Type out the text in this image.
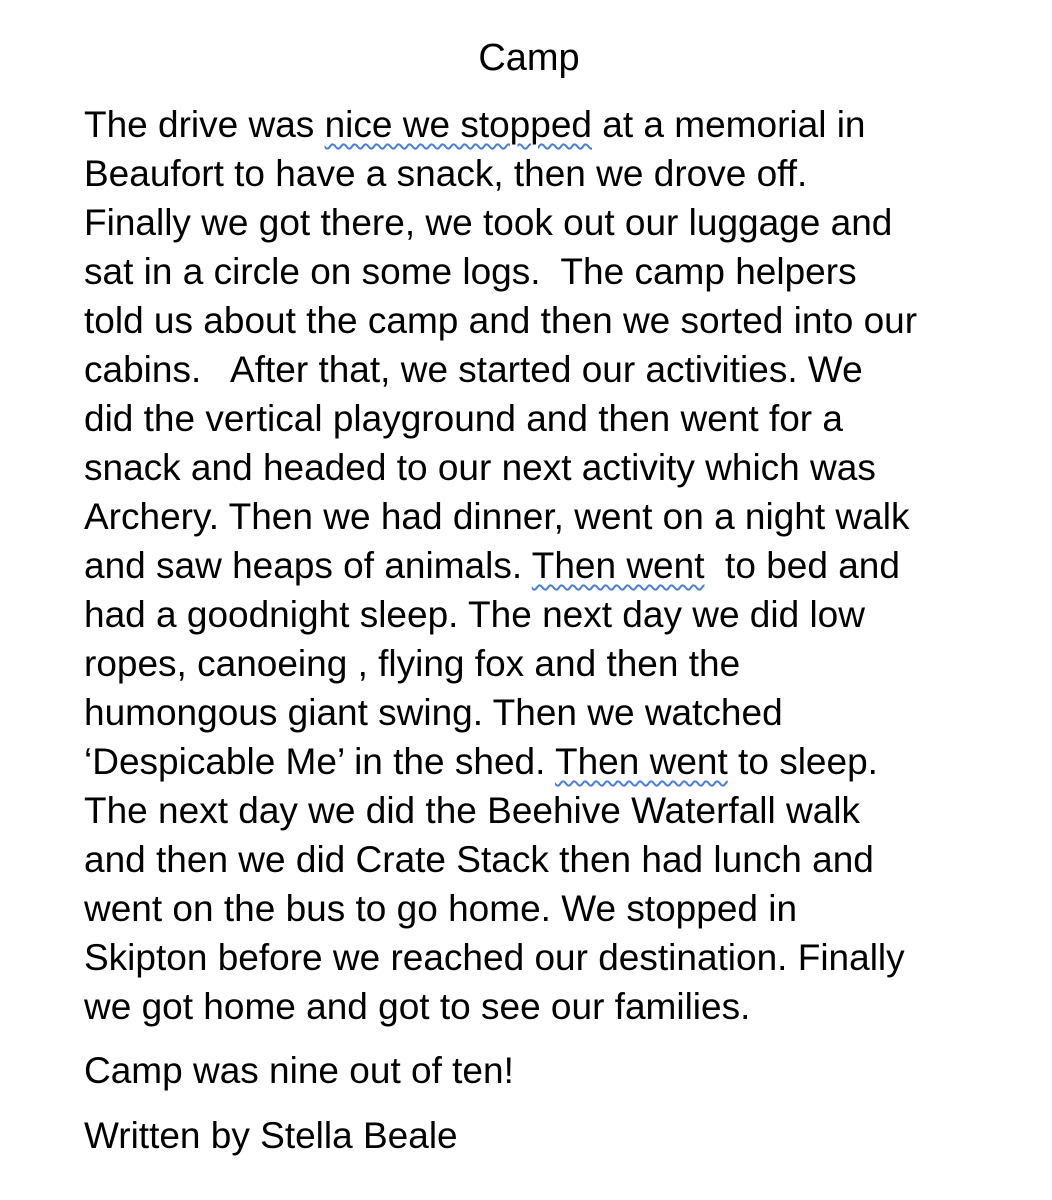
Camp
The drive was nice we stopped at a memorial in
Beaufort to have a snack, then we drove off.
Finally we got there, we took out our luggage and
sat in a circle on some logs.  The camp helpers
told us about the camp and then we sorted into our
cabins.   After that, we started our activities. We
did the vertical playground and then went for a
snack and headed to our next activity which was
Archery. Then we had dinner, went on a night walk
and saw heaps of animals. Then went  to bed and
had a goodnight sleep. The next day we did low
ropes, canoeing , flying fox and then the
humongous giant swing. Then we watched
‘Despicable Me’ in the shed. Then went to sleep.
The next day we did the Beehive Waterfall walk
and then we did Crate Stack then had lunch and
went on the bus to go home. We stopped in
Skipton before we reached our destination. Finally
we got home and got to see our families.
Camp was nine out of ten!
Written by Stella Beale
